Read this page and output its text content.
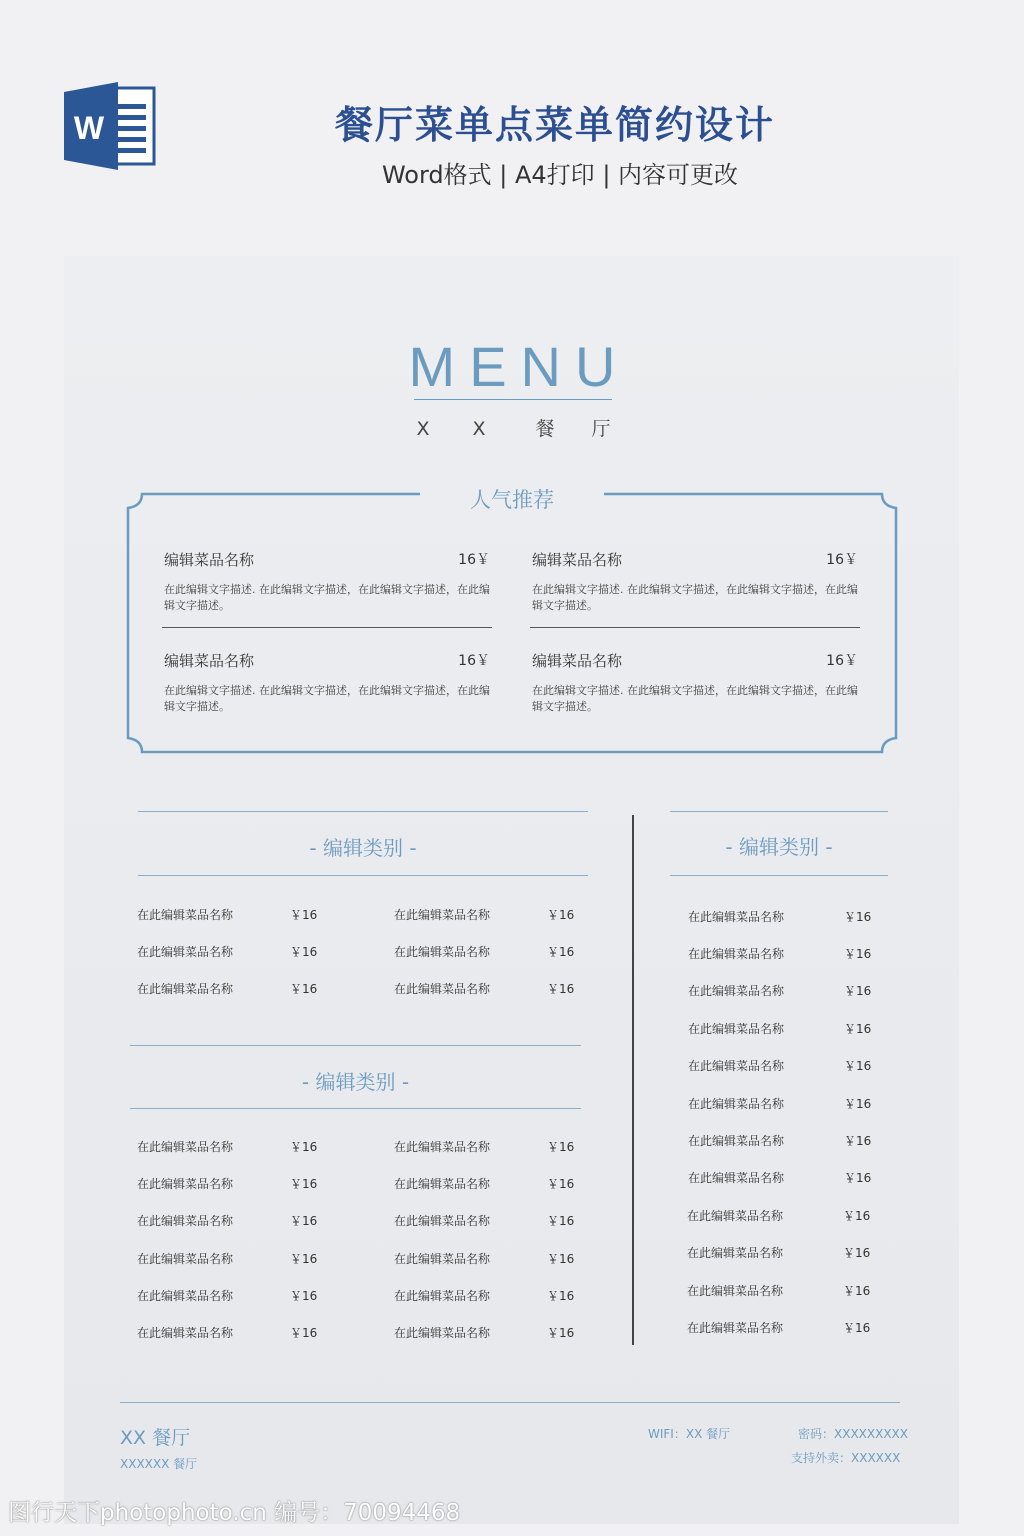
W	餐厅菜单点菜单简约设计
Word格式 | A4打印 | 内容可更改
MENU
X X	餐 厅
人气推荐
编辑菜品名称	16￥
在此编辑文字描述. 在此编辑文字描述，在此编辑文字描述，在此编辑文字描述。
编辑菜品名称	16￥
在此编辑文字描述. 在此编辑文字描述，在此编辑文字描述，在此编辑文字描述。
编辑菜品名称	16￥
在此编辑文字描述. 在此编辑文字描述，在此编辑文字描述，在此编辑文字描述。
编辑菜品名称	16￥
在此编辑文字描述. 在此编辑文字描述，在此编辑文字描述，在此编辑文字描述。
- 编辑类别 -
- 编辑类别 -
- 编辑类别 -
在此编辑菜品名称	￥16	在此编辑菜品名称	￥16
在此编辑菜品名称	￥16	在此编辑菜品名称	￥16
在此编辑菜品名称	￥16	在此编辑菜品名称	￥16
在此编辑菜品名称	￥16	在此编辑菜品名称	￥16
在此编辑菜品名称	￥16	在此编辑菜品名称	￥16
在此编辑菜品名称	￥16	在此编辑菜品名称	￥16
在此编辑菜品名称	￥16	在此编辑菜品名称	￥16
在此编辑菜品名称	￥16	在此编辑菜品名称	￥16
在此编辑菜品名称	￥16	在此编辑菜品名称	￥16
在此编辑菜品名称	￥16
在此编辑菜品名称	￥16
在此编辑菜品名称	￥16
在此编辑菜品名称	￥16
在此编辑菜品名称	￥16
在此编辑菜品名称	￥16
在此编辑菜品名称	￥16
在此编辑菜品名称	￥16
在此编辑菜品名称	￥16
在此编辑菜品名称	￥16
在此编辑菜品名称	￥16
在此编辑菜品名称	￥16
XX 餐厅
XXXXXX 餐厅
WIFI：XX 餐厅	密码：XXXXXXXXX
支持外卖：XXXXXX
图行天下photophoto.cn 编号：70094468
